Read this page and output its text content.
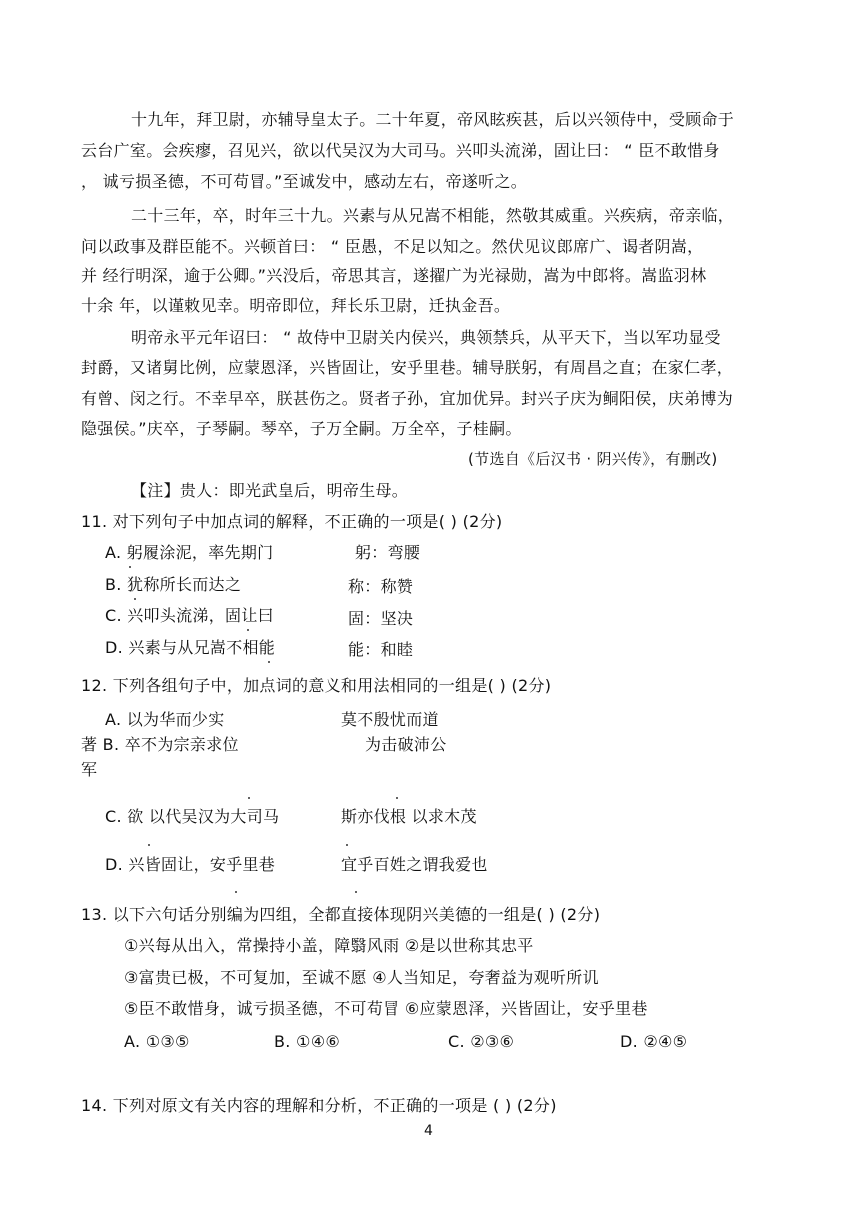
十九年，拜卫尉，亦辅导皇太子。二十年夏，帝风眩疾甚，后以兴领侍中，受顾命于
云台广室。会疾瘳，召见兴，欲以代吴汉为大司马。兴叩头流涕，固让曰： “ 臣不敢惜身
， 诚亏损圣德，不可苟冒。”至诚发中，感动左右，帝遂听之。
二十三年，卒，时年三十九。兴素与从兄嵩不相能，然敬其威重。兴疾病，帝亲临，
问以政事及群臣能不。兴顿首曰： “ 臣愚，不足以知之。然伏见议郎席广、谒者阴嵩，
并 经行明深，逾于公卿。”兴没后，帝思其言，遂擢广为光禄勋，嵩为中郎将。嵩监羽林
十余 年，以谨敕见幸。明帝即位，拜长乐卫尉，迁执金吾。
明帝永平元年诏曰： “ 故侍中卫尉关内侯兴，典领禁兵，从平天下，当以军功显受
封爵，又诸舅比例，应蒙恩泽，兴皆固让，安乎里巷。辅导朕躬，有周昌之直；在家仁孝，
有曾、闵之行。不幸早卒，朕甚伤之。贤者子孙，宜加优异。封兴子庆为鲖阳侯，庆弟博为
隐强侯。”庆卒，子琴嗣。琴卒，子万全嗣。万全卒，子桂嗣。
(节选自《后汉书 · 阴兴传》，有删改)
【注】贵人：即光武皇后，明帝生母。
11. 对下列句子中加点词的解释，不正确的一项是( ) (2分)
A. 躬履涂泥，率先期门	躬：弯腰
B. 犹称所长而达之	称：称赞
C. 兴叩头流涕，固让曰	固：坚决
D. 兴素与从兄嵩不相能	能：和睦
12. 下列各组句子中，加点词的意义和用法相同的一组是( ) (2分)
A. 以为华而少实	莫不殷忧而道
著 B. 卒不为宗亲求位	为击破沛公
军
C. 欲 以代吴汉为大司马	斯亦伐根 以求木茂
D. 兴皆固让，安乎里巷	宜乎百姓之谓我爱也
13. 以下六句话分别编为四组，全都直接体现阴兴美德的一组是( ) (2分)
①兴每从出入，常操持小盖，障翳风雨 ②是以世称其忠平
③富贵已极，不可复加，至诚不愿 ④人当知足，夸奢益为观听所讥
⑤臣不敢惜身，诚亏损圣德，不可苟冒 ⑥应蒙恩泽，兴皆固让，安乎里巷
A. ①③⑤	B. ①④⑥	C. ②③⑥	D. ②④⑤
14. 下列对原文有关内容的理解和分析，不正确的一项是 ( ) (2分)
4
